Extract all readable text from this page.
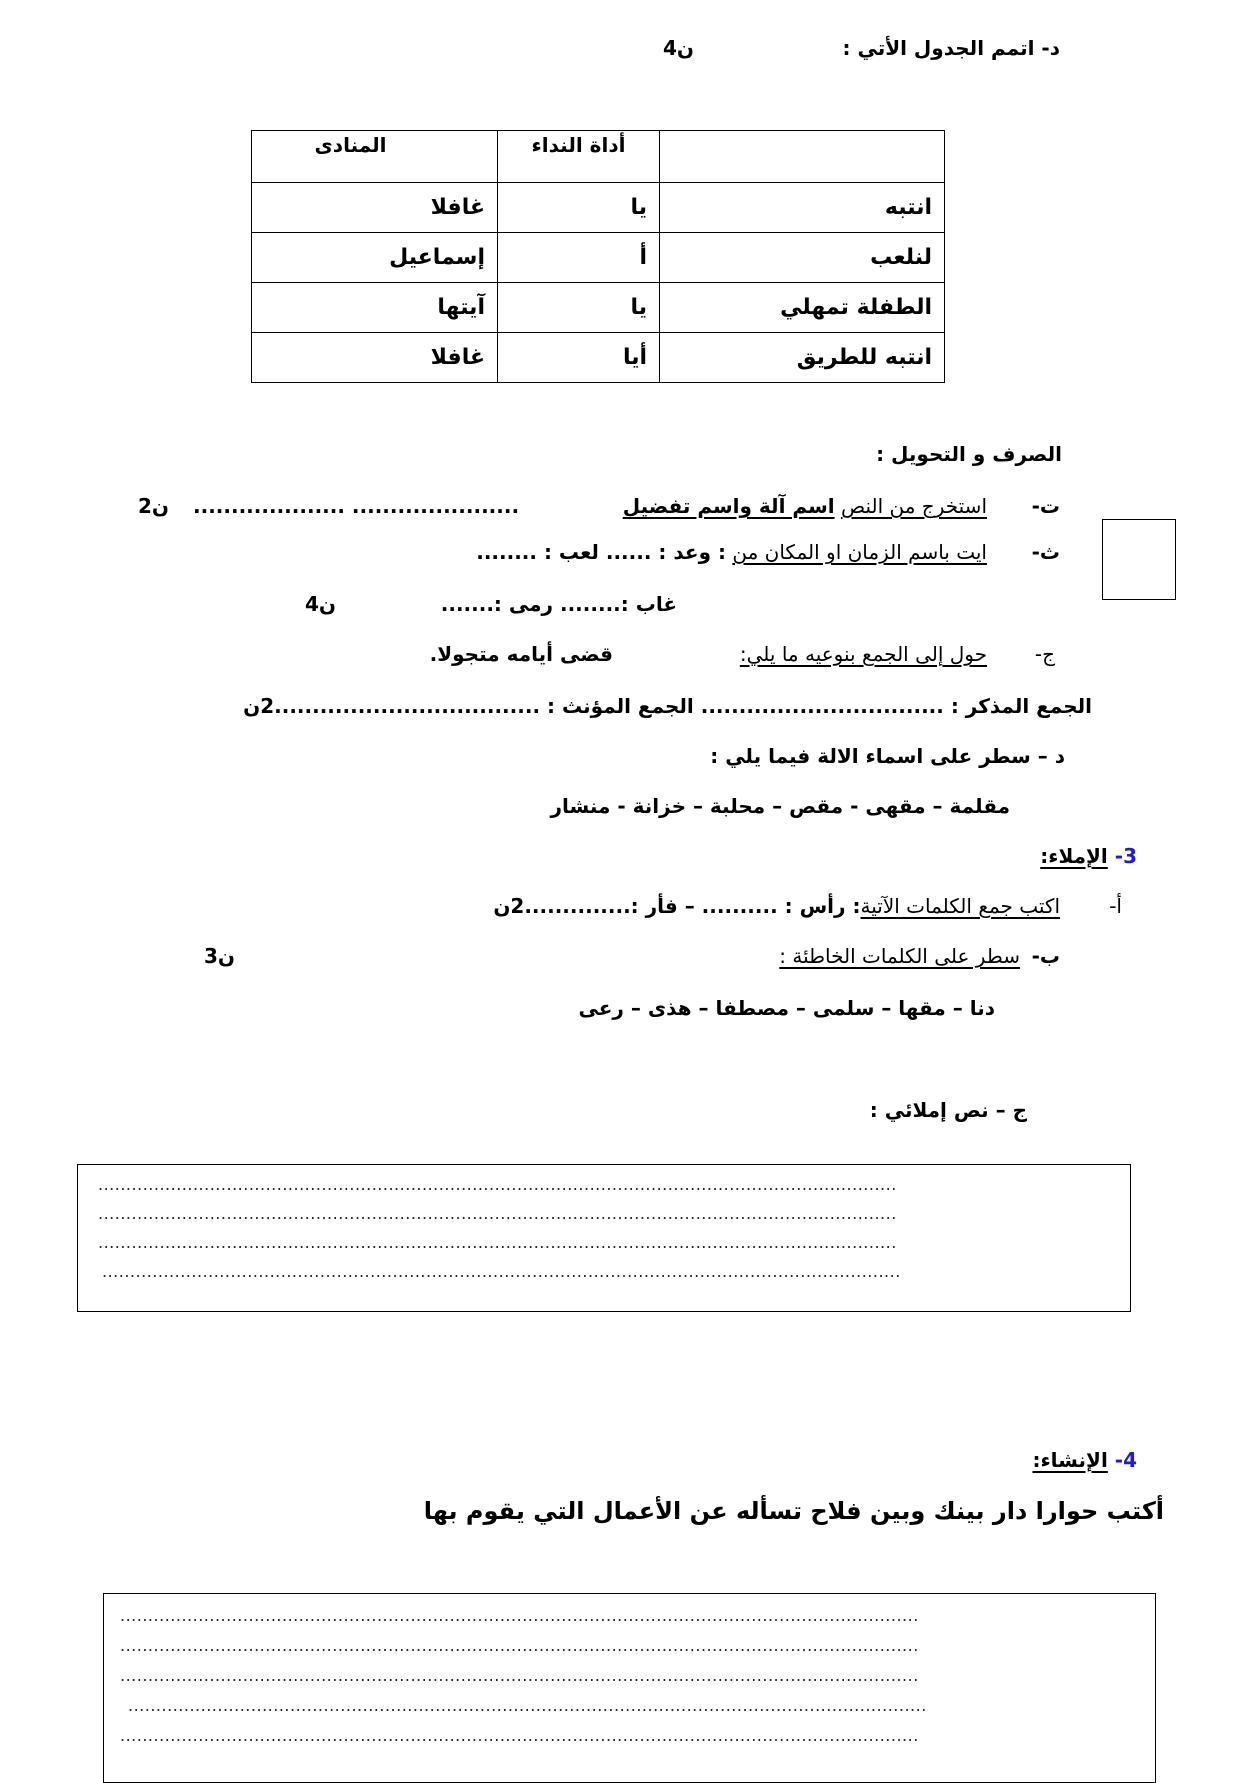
د- اتمم الجدول الأتي :
4ن
	أداة النداء	المنادى
انتبه	يا	غافلا
لنلعب	أ	إسماعيل
الطفلة تمهلي	يا	آيتها
انتبه للطريق	أيا	غافلا
الصرف و التحويل :
ت-
استخرج من النص اسم آلة واسم تفضيل
.................... ......................
2ن
ث-
ايت باسم الزمان او المكان من : وعد : ...... لعب : ........
غاب :........ رمى :.......
4ن
ج-
حول إلى الجمع بنوعيه ما يلي:
قضى أيامه متجولا.
الجمع المذكر : ................................ الجمع المؤنث : ...................................2ن
د – سطر على اسماء الالة فيما يلي :
مقلمة – مقهى - مقص – محلبة – خزانة - منشار
3- الإملاء:
أ-
اكتب جمع الكلمات الآتية: رأس : .......... – فأر :..............2ن
ب-
سطر على الكلمات الخاطئة :
3ن
دنا – مقها – سلمى – مصطفا – هذى – رعى
ج – نص إملائي :
...............................................................................................................................................
...............................................................................................................................................
...............................................................................................................................................
...............................................................................................................................................
4- الإنشاء:
أكتب حوارا دار بينك وبين فلاح تسأله عن الأعمال التي يقوم بها
...............................................................................................................................................
...............................................................................................................................................
...............................................................................................................................................
...............................................................................................................................................
...............................................................................................................................................
